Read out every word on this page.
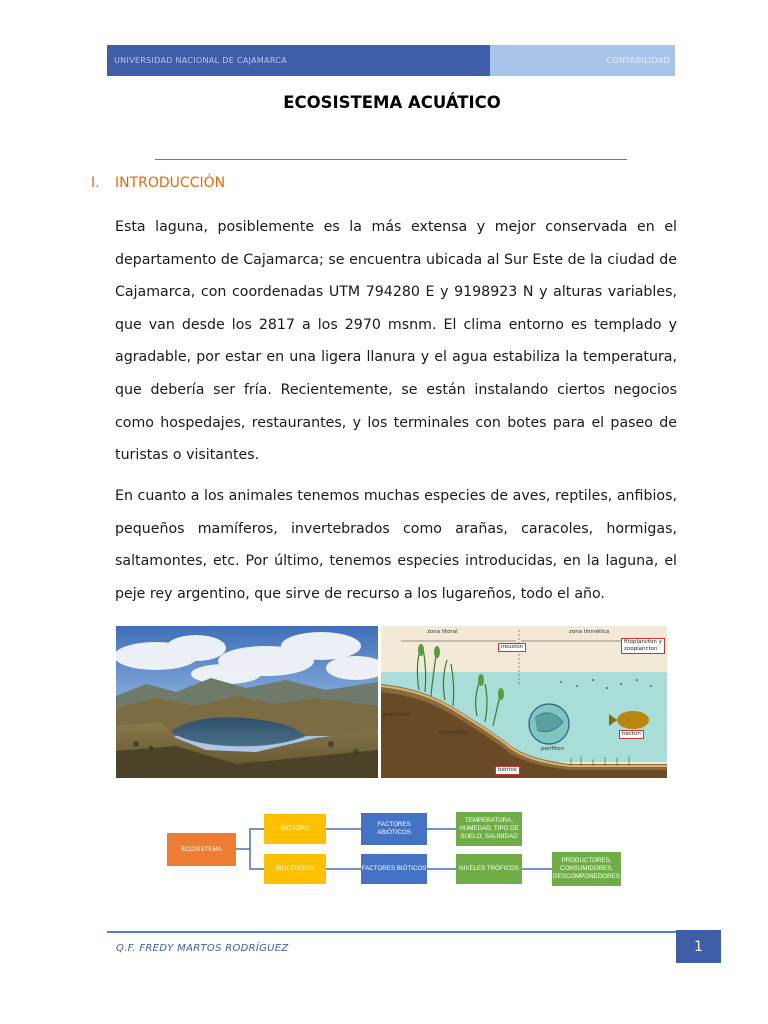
UNIVERSIDAD NACIONAL DE CAJAMARCA	CONTABILIDAD
ECOSISTEMA ACUÁTICO
I.	INTRODUCCIÓN

Esta laguna, posiblemente es la más extensa y mejor conservada en el departamento de Cajamarca; se encuentra ubicada al Sur Este de la ciudad de Cajamarca, con coordenadas UTM 794280 E y 9198923 N y alturas variables, que van desde los 2817 a los 2970 msnm. El clima entorno es templado y agradable, por estar en una ligera llanura y el agua estabiliza la temperatura, que debería ser fría. Recientemente, se están instalando ciertos negocios como hospedajes, restaurantes, y los terminales con botes para el paseo de turistas o visitantes.

En cuanto a los animales tenemos muchas especies de aves, reptiles, anfibios, pequeños mamíferos, invertebrados como arañas, caracoles, hormigas, saltamontes, etc. Por último, tenemos especies introducidas, en la laguna, el peje rey argentino, que sirve de recurso a los lugareños, todo el año.

zona litoral	zona limnética
neuston
fitoplancton y zooplancton
psammon
macrófitas
perifiton
necton
bentos
ECOSISTEMA
BIOTOPO
BIOCENOSIS
FACTORES ABIÓTICOS
FACTORES BIÓTICOS
TEMPERATURA, HUMEDAD, TIPO DE SUELO, SALINIDAD
NIVELES TRÓFICOS
PRODUCTORES, CONSUMIDORES, DESCOMPONEDORES
Q.F. FREDY MARTOS RODRÍGUEZ	1
